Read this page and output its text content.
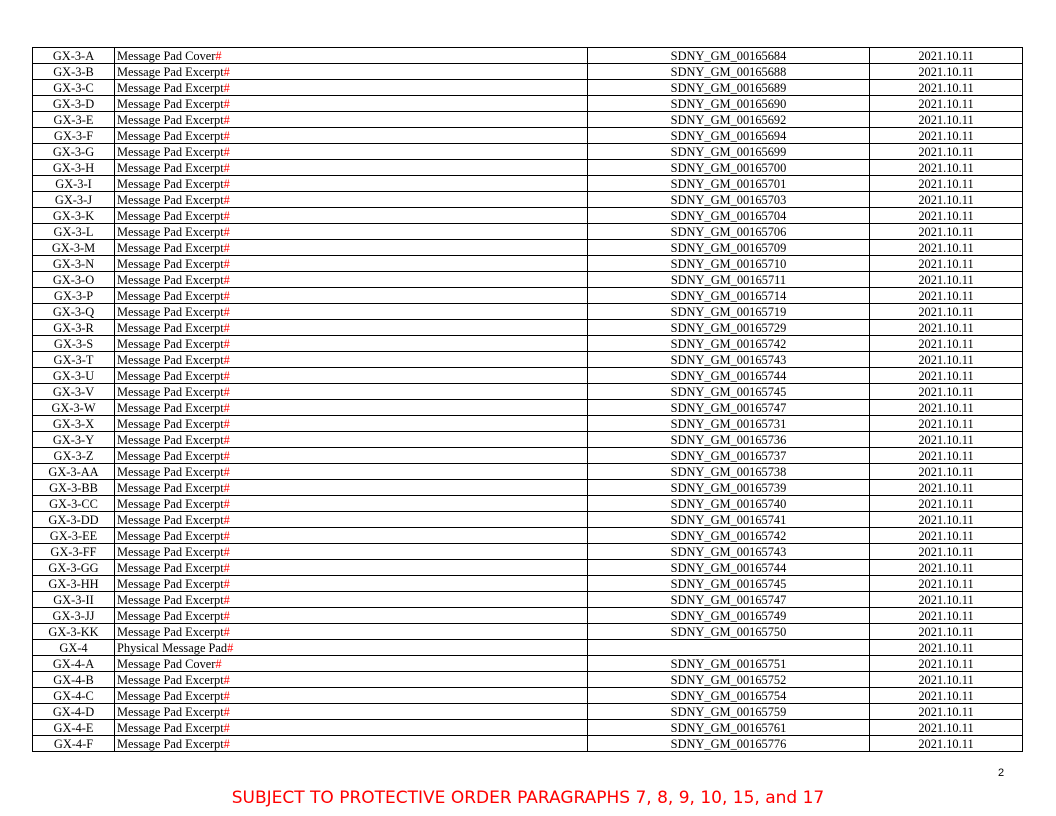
GX-3-A	Message Pad Cover#	SDNY_GM_00165684	2021.10.11
GX-3-B	Message Pad Excerpt#	SDNY_GM_00165688	2021.10.11
GX-3-C	Message Pad Excerpt#	SDNY_GM_00165689	2021.10.11
GX-3-D	Message Pad Excerpt#	SDNY_GM_00165690	2021.10.11
GX-3-E	Message Pad Excerpt#	SDNY_GM_00165692	2021.10.11
GX-3-F	Message Pad Excerpt#	SDNY_GM_00165694	2021.10.11
GX-3-G	Message Pad Excerpt#	SDNY_GM_00165699	2021.10.11
GX-3-H	Message Pad Excerpt#	SDNY_GM_00165700	2021.10.11
GX-3-I	Message Pad Excerpt#	SDNY_GM_00165701	2021.10.11
GX-3-J	Message Pad Excerpt#	SDNY_GM_00165703	2021.10.11
GX-3-K	Message Pad Excerpt#	SDNY_GM_00165704	2021.10.11
GX-3-L	Message Pad Excerpt#	SDNY_GM_00165706	2021.10.11
GX-3-M	Message Pad Excerpt#	SDNY_GM_00165709	2021.10.11
GX-3-N	Message Pad Excerpt#	SDNY_GM_00165710	2021.10.11
GX-3-O	Message Pad Excerpt#	SDNY_GM_00165711	2021.10.11
GX-3-P	Message Pad Excerpt#	SDNY_GM_00165714	2021.10.11
GX-3-Q	Message Pad Excerpt#	SDNY_GM_00165719	2021.10.11
GX-3-R	Message Pad Excerpt#	SDNY_GM_00165729	2021.10.11
GX-3-S	Message Pad Excerpt#	SDNY_GM_00165742	2021.10.11
GX-3-T	Message Pad Excerpt#	SDNY_GM_00165743	2021.10.11
GX-3-U	Message Pad Excerpt#	SDNY_GM_00165744	2021.10.11
GX-3-V	Message Pad Excerpt#	SDNY_GM_00165745	2021.10.11
GX-3-W	Message Pad Excerpt#	SDNY_GM_00165747	2021.10.11
GX-3-X	Message Pad Excerpt#	SDNY_GM_00165731	2021.10.11
GX-3-Y	Message Pad Excerpt#	SDNY_GM_00165736	2021.10.11
GX-3-Z	Message Pad Excerpt#	SDNY_GM_00165737	2021.10.11
GX-3-AA	Message Pad Excerpt#	SDNY_GM_00165738	2021.10.11
GX-3-BB	Message Pad Excerpt#	SDNY_GM_00165739	2021.10.11
GX-3-CC	Message Pad Excerpt#	SDNY_GM_00165740	2021.10.11
GX-3-DD	Message Pad Excerpt#	SDNY_GM_00165741	2021.10.11
GX-3-EE	Message Pad Excerpt#	SDNY_GM_00165742	2021.10.11
GX-3-FF	Message Pad Excerpt#	SDNY_GM_00165743	2021.10.11
GX-3-GG	Message Pad Excerpt#	SDNY_GM_00165744	2021.10.11
GX-3-HH	Message Pad Excerpt#	SDNY_GM_00165745	2021.10.11
GX-3-II	Message Pad Excerpt#	SDNY_GM_00165747	2021.10.11
GX-3-JJ	Message Pad Excerpt#	SDNY_GM_00165749	2021.10.11
GX-3-KK	Message Pad Excerpt#	SDNY_GM_00165750	2021.10.11
GX-4	Physical Message Pad#		2021.10.11
GX-4-A	Message Pad Cover#	SDNY_GM_00165751	2021.10.11
GX-4-B	Message Pad Excerpt#	SDNY_GM_00165752	2021.10.11
GX-4-C	Message Pad Excerpt#	SDNY_GM_00165754	2021.10.11
GX-4-D	Message Pad Excerpt#	SDNY_GM_00165759	2021.10.11
GX-4-E	Message Pad Excerpt#	SDNY_GM_00165761	2021.10.11
GX-4-F	Message Pad Excerpt#	SDNY_GM_00165776	2021.10.11
2
SUBJECT TO PROTECTIVE ORDER PARAGRAPHS 7, 8, 9, 10, 15, and 17
